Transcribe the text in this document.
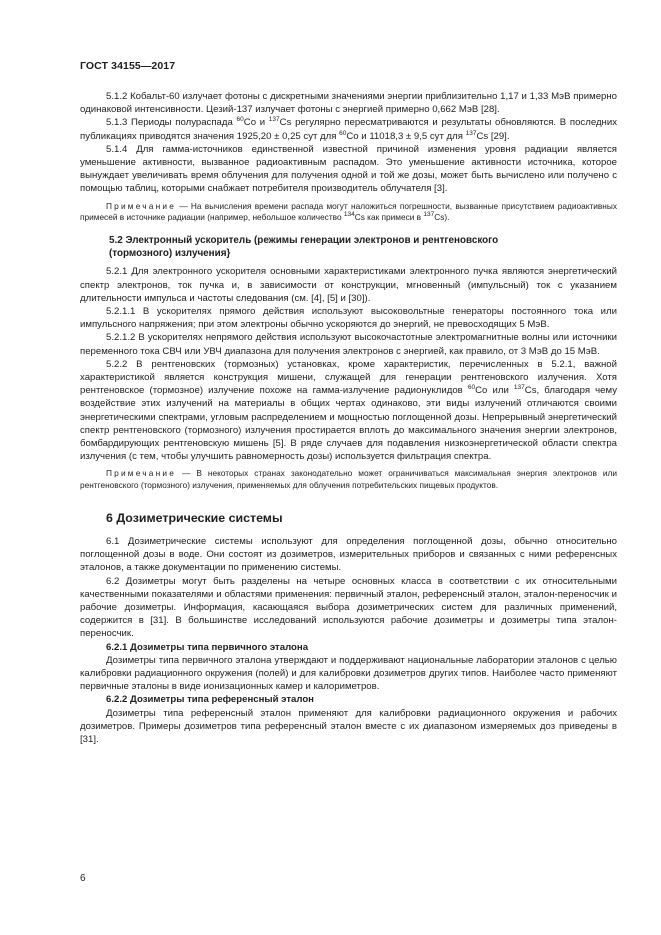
ГОСТ 34155—2017

5.1.2 Кобальт-60 излучает фотоны с дискретными значениями энергии приблизительно 1,17 и 1,33 МэВ примерно одинаковой интенсивности. Цезий-137 излучает фотоны с энергией примерно 0,662 МэВ [28].

5.1.3 Периоды полураспада $^{60}$Co и $^{137}$Cs регулярно пересматриваются и результаты обновляются. В последних публикациях приводятся значения 1925,20 ± 0,25 сут для $^{60}$Co и 11018,3 ± 9,5 сут для $^{137}$Cs [29].

5.1.4 Для гамма-источников единственной известной причиной изменения уровня радиации является уменьшение активности, вызванное радиоактивным распадом. Это уменьшение активности источника, которое вынуждает увеличивать время облучения для получения одной и той же дозы, может быть вычислено или получено с помощью таблиц, которыми снабжает потребителя производитель облучателя [3].

Примечание — На вычисления времени распада могут наложиться погрешности, вызванные присутствием радиоактивных примесей в источнике радиации (например, небольшое количество $^{134}$Cs как примеси в $^{137}$Cs).

5.2 Электронный ускоритель (режимы генерации электронов и рентгеновского
(тормозного) излучения}

5.2.1 Для электронного ускорителя основными характеристиками электронного пучка являются энергетический спектр электронов, ток пучка и, в зависимости от конструкции, мгновенный (импульсный) ток с указанием длительности импульса и частоты следования (см. [4], [5] и [30]).

5.2.1.1 В ускорителях прямого действия используют высоковольтные генераторы постоянного тока или импульсного напряжения; при этом электроны обычно ускоряются до энергий, не превосходящих 5 МэВ.

5.2.1.2 В ускорителях непрямого действия используют высокочастотные электромагнитные волны или источники переменного тока СВЧ или УВЧ диапазона для получения электронов с энергией, как правило, от 3 МэВ до 15 МэВ.

5.2.2 В рентгеновских (тормозных) установках, кроме характеристик, перечисленных в 5.2.1, важной характеристикой является конструкция мишени, служащей для генерации рентгеновского излучения. Хотя рентгеновское (тормозное) излучение похоже на гамма-излучение радионуклидов $^{60}$Co или $^{137}$Cs, благодаря чему воздействие этих излучений на материалы в общих чертах одинаково, эти виды излучений отличаются своими энергетическими спектрами, угловым распределением и мощностью поглощенной дозы. Непрерывный энергетический спектр рентгеновского (тормозного) излучения простирается вплоть до максимального значения энергии электронов, бомбардирующих рентгеновскую мишень [5]. В ряде случаев для подавления низкоэнергетической области спектра излучения (с тем, чтобы улучшить равномерность дозы) используется фильтрация спектра.

Примечание — В некоторых странах законодательно может ограничиваться максимальная энергия электронов или рентгеновского (тормозного) излучения, применяемых для облучения потребительских пищевых продуктов.

6 Дозиметрические системы

6.1 Дозиметрические системы используют для определения поглощенной дозы, обычно относительно поглощенной дозы в воде. Они состоят из дозиметров, измерительных приборов и связанных с ними референсных эталонов, а также документации по применению системы.

6.2 Дозиметры могут быть разделены на четыре основных класса в соответствии с их относительными качественными показателями и областями применения: первичный эталон, референсный эталон, эталон-переносчик и рабочие дозиметры. Информация, касающаяся выбора дозиметрических систем для различных применений, содержится в [31]. В большинстве исследований используются рабочие дозиметры и дозиметры типа эталон-переносчик.

6.2.1 Дозиметры типа первичного эталона

Дозиметры типа первичного эталона утверждают и поддерживают национальные лаборатории эталонов с целью калибровки радиационного окружения (полей) и для калибровки дозиметров других типов. Наиболее часто применяют первичные эталоны в виде ионизационных камер и калориметров.

6.2.2 Дозиметры типа референсный эталон

Дозиметры типа референсный эталон применяют для калибровки радиационного окружения и рабочих дозиметров. Примеры дозиметров типа референсный эталон вместе с их диапазоном измеряемых доз приведены в [31].

6
